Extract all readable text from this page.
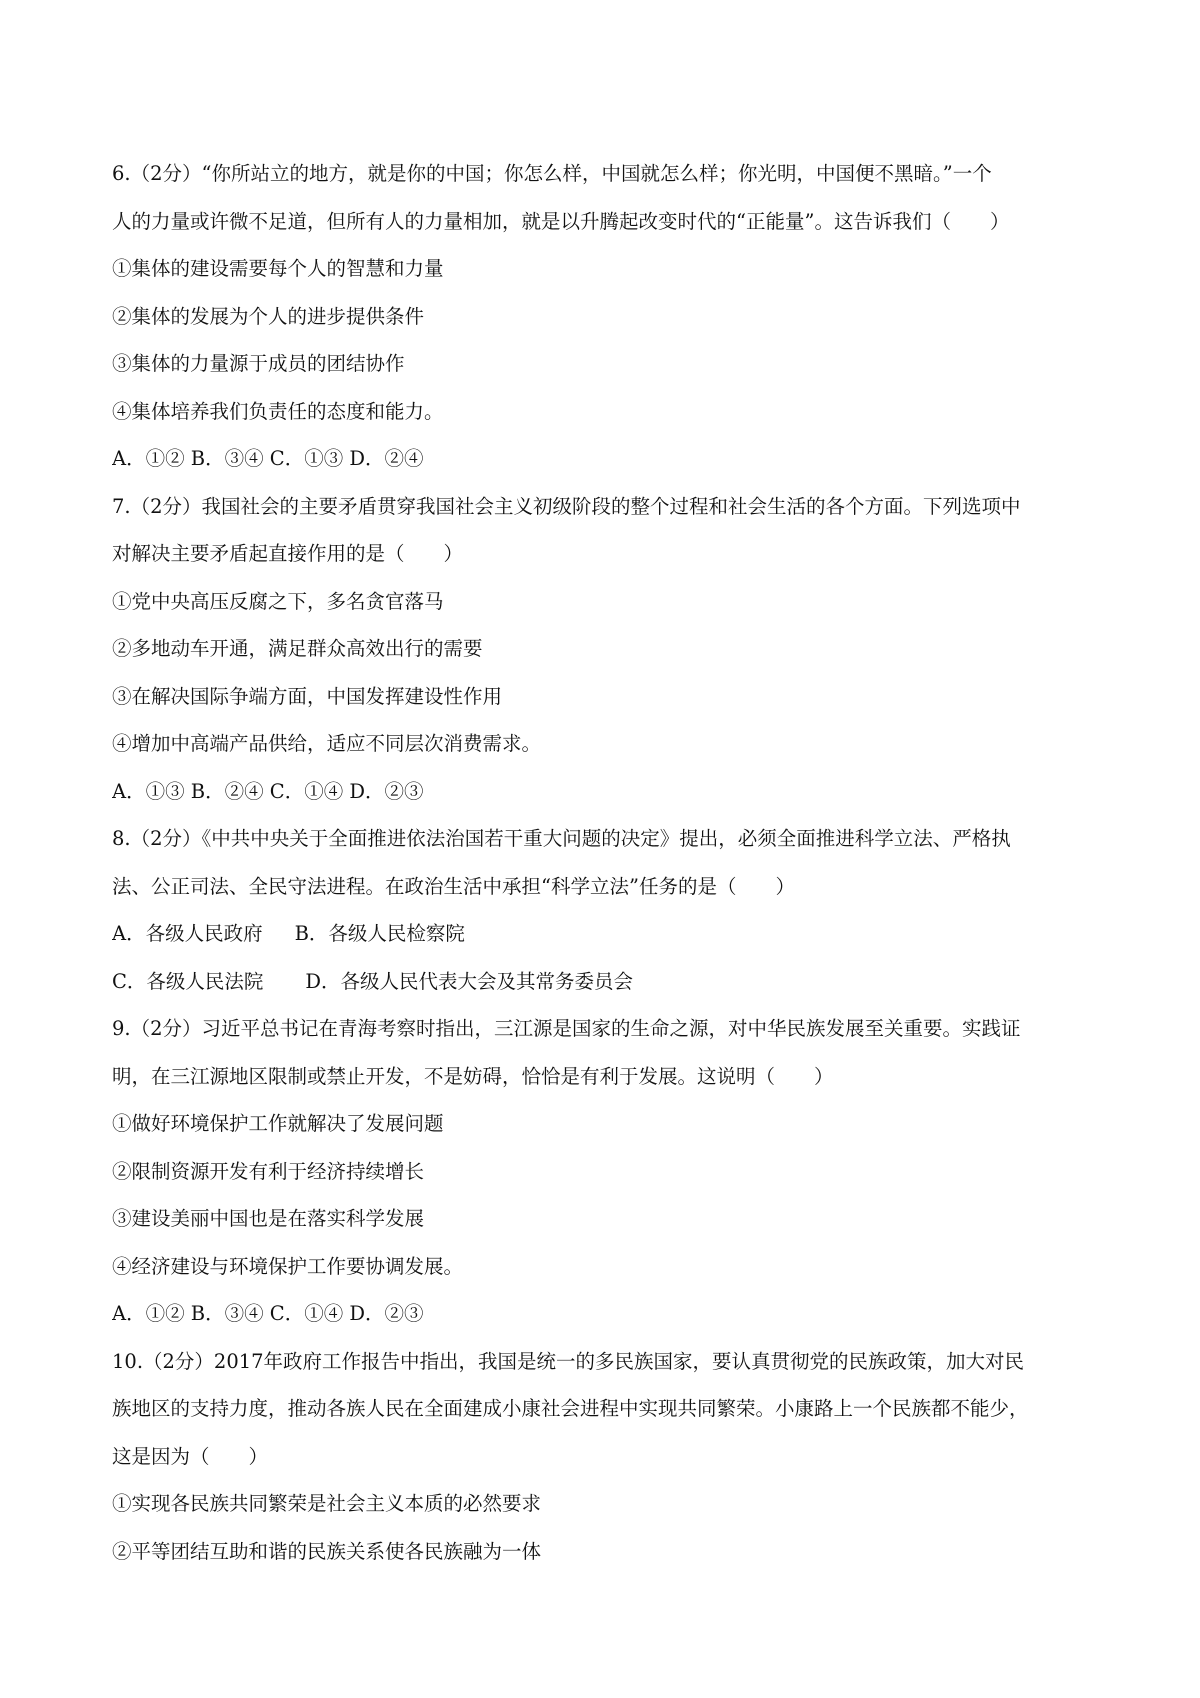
6.（2分）“你所站立的地方，就是你的中国；你怎么样，中国就怎么样；你光明，中国便不黑暗。”一个
人的力量或许微不足道，但所有人的力量相加，就是以升腾起改变时代的“正能量”。这告诉我们（　　）
①集体的建设需要每个人的智慧和力量
②集体的发展为个人的进步提供条件
③集体的力量源于成员的团结协作
④集体培养我们负责任的态度和能力。
A．①② B．③④ C．①③ D．②④
7.（2分）我国社会的主要矛盾贯穿我国社会主义初级阶段的整个过程和社会生活的各个方面。下列选项中
对解决主要矛盾起直接作用的是（　　）
①党中央高压反腐之下，多名贪官落马
②多地动车开通，满足群众高效出行的需要
③在解决国际争端方面，中国发挥建设性作用
④增加中高端产品供给，适应不同层次消费需求。
A．①③ B．②④ C．①④ D．②③
8.（2分）《中共中央关于全面推进依法治国若干重大问题的决定》提出，必须全面推进科学立法、严格执
法、公正司法、全民守法进程。在政治生活中承担“科学立法”任务的是（　　）
A．各级人民政府 B．各级人民检察院
C．各级人民法院 D．各级人民代表大会及其常务委员会
9.（2分）习近平总书记在青海考察时指出，三江源是国家的生命之源，对中华民族发展至关重要。实践证
明，在三江源地区限制或禁止开发，不是妨碍，恰恰是有利于发展。这说明（　　）
①做好环境保护工作就解决了发展问题
②限制资源开发有利于经济持续增长
③建设美丽中国也是在落实科学发展
④经济建设与环境保护工作要协调发展。
A．①② B．③④ C．①④ D．②③
10.（2分）2017年政府工作报告中指出，我国是统一的多民族国家，要认真贯彻党的民族政策，加大对民
族地区的支持力度，推动各族人民在全面建成小康社会进程中实现共同繁荣。小康路上一个民族都不能少，
这是因为（　　）
①实现各民族共同繁荣是社会主义本质的必然要求
②平等团结互助和谐的民族关系使各民族融为一体
